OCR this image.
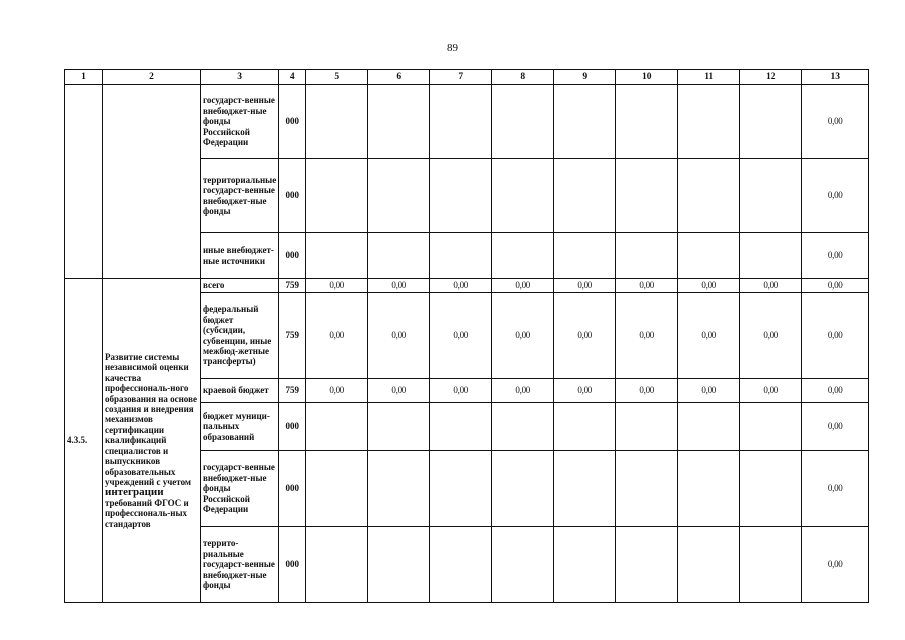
89
1	2	3	4	5	6	7	8	9	10	11	12	13
		государст-венные внебюджет-ные фонды Российской Федерации	000									0,00
		территориальные государст-венные внебюджет-ные фонды	000									0,00
		иные внебюджет-ные источники	000									0,00
4.3.5.	Развитие системы независимой оценки качества профессиональ-ного образования на основе создания и внедрения механизмов сертификации квалификаций специалистов и выпускников образовательных учреждений с учетом интеграции требований ФГОС и профессиональ-ных стандартов	всего	759	0,00	0,00	0,00	0,00	0,00	0,00	0,00	0,00	0,00
		федеральный бюджет (субсидии, субвенции, иные межбюд-жетные трансферты)	759	0,00	0,00	0,00	0,00	0,00	0,00	0,00	0,00	0,00
		краевой бюджет	759	0,00	0,00	0,00	0,00	0,00	0,00	0,00	0,00	0,00
		бюджет муници-пальных образований	000									0,00
		государст-венные внебюджет-ные фонды Российской Федерации	000									0,00
		террито-риальные государст-венные внебюджет-ные фонды	000									0,00
